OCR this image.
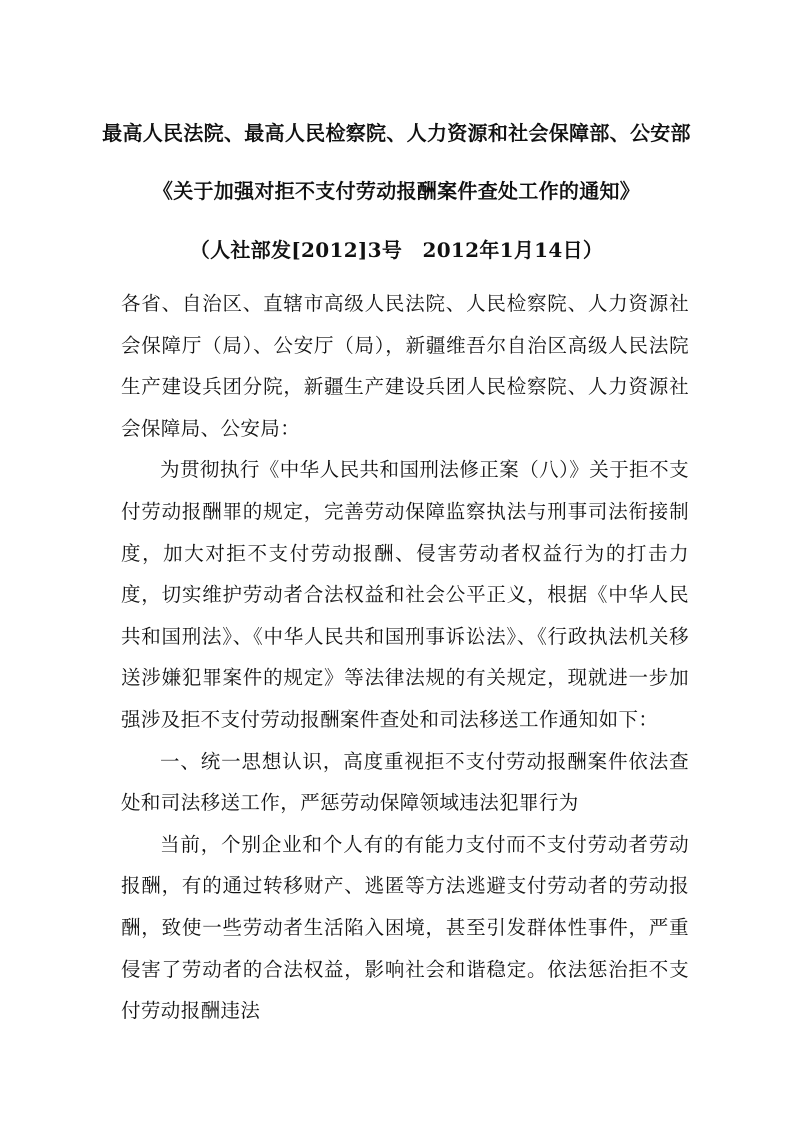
最高人民法院、最高人民检察院、人力资源和社会保障部、公安部
《关于加强对拒不支付劳动报酬案件查处工作的通知》
（人社部发[2012]3号　2012年1月14日）

各省、自治区、直辖市高级人民法院、人民检察院、人力资源社会保障厅（局）、公安厅（局），新疆维吾尔自治区高级人民法院生产建设兵团分院，新疆生产建设兵团人民检察院、人力资源社会保障局、公安局：

为贯彻执行《中华人民共和国刑法修正案（八）》关于拒不支付劳动报酬罪的规定，完善劳动保障监察执法与刑事司法衔接制度，加大对拒不支付劳动报酬、侵害劳动者权益行为的打击力度，切实维护劳动者合法权益和社会公平正义，根据《中华人民共和国刑法》、《中华人民共和国刑事诉讼法》、《行政执法机关移送涉嫌犯罪案件的规定》等法律法规的有关规定，现就进一步加强涉及拒不支付劳动报酬案件查处和司法移送工作通知如下：

一、统一思想认识，高度重视拒不支付劳动报酬案件依法查处和司法移送工作，严惩劳动保障领域违法犯罪行为

当前，个别企业和个人有的有能力支付而不支付劳动者劳动报酬，有的通过转移财产、逃匿等方法逃避支付劳动者的劳动报酬，致使一些劳动者生活陷入困境，甚至引发群体性事件，严重侵害了劳动者的合法权益，影响社会和谐稳定。依法惩治拒不支付劳动报酬违法
